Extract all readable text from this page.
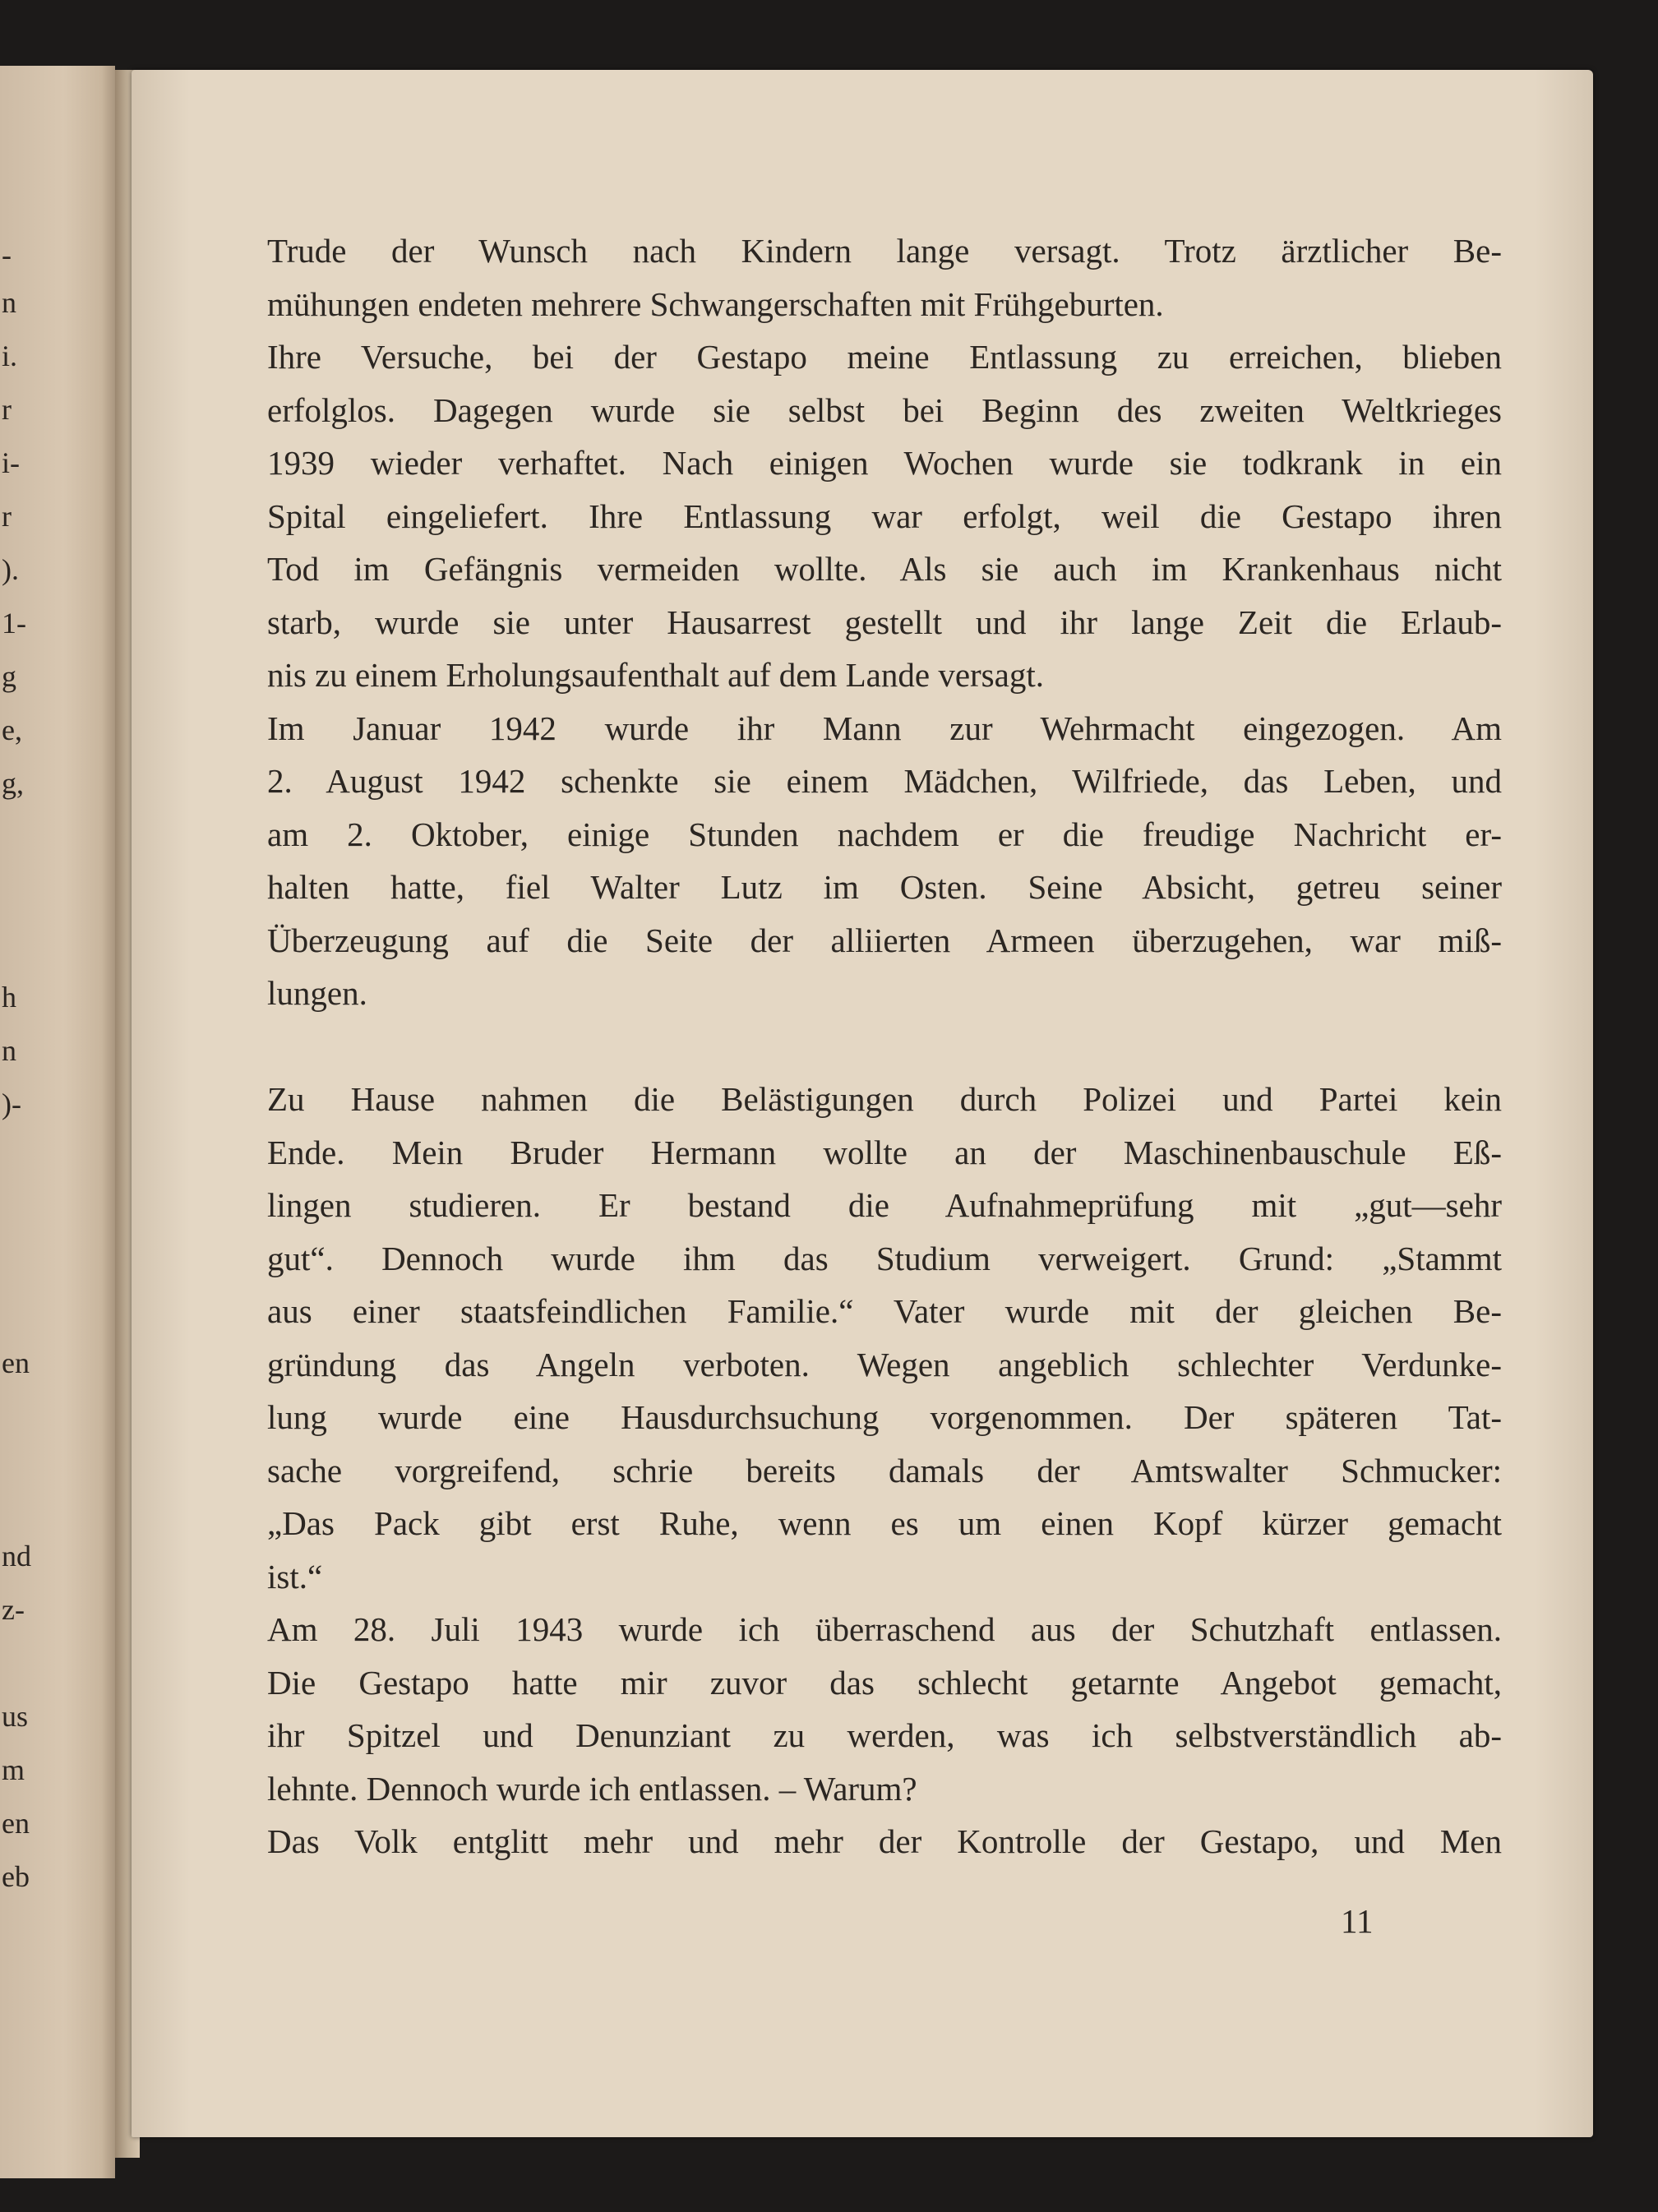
-
n
i.
r
i-
r
).
1-
g
e,
g,
h
n
)-
en
nd
z-
us
m
en
eb
Trude der Wunsch nach Kindern lange versagt. Trotz ärztlicher Be-
mühungen endeten mehrere Schwangerschaften mit Frühgeburten.
Ihre Versuche, bei der Gestapo meine Entlassung zu erreichen, blieben
erfolglos. Dagegen wurde sie selbst bei Beginn des zweiten Weltkrieges
1939 wieder verhaftet. Nach einigen Wochen wurde sie todkrank in ein
Spital eingeliefert. Ihre Entlassung war erfolgt, weil die Gestapo ihren
Tod im Gefängnis vermeiden wollte. Als sie auch im Krankenhaus nicht
starb, wurde sie unter Hausarrest gestellt und ihr lange Zeit die Erlaub-
nis zu einem Erholungsaufenthalt auf dem Lande versagt.
Im Januar 1942 wurde ihr Mann zur Wehrmacht eingezogen. Am
2. August 1942 schenkte sie einem Mädchen, Wilfriede, das Leben, und
am 2. Oktober, einige Stunden nachdem er die freudige Nachricht er-
halten hatte, fiel Walter Lutz im Osten. Seine Absicht, getreu seiner
Überzeugung auf die Seite der alliierten Armeen überzugehen, war miß-
lungen.
Zu Hause nahmen die Belästigungen durch Polizei und Partei kein
Ende. Mein Bruder Hermann wollte an der Maschinenbauschule Eß-
lingen studieren. Er bestand die Aufnahmeprüfung mit „gut—sehr
gut“. Dennoch wurde ihm das Studium verweigert. Grund: „Stammt
aus einer staatsfeindlichen Familie.“ Vater wurde mit der gleichen Be-
gründung das Angeln verboten. Wegen angeblich schlechter Verdunke-
lung wurde eine Hausdurchsuchung vorgenommen. Der späteren Tat-
sache vorgreifend, schrie bereits damals der Amtswalter Schmucker:
„Das Pack gibt erst Ruhe, wenn es um einen Kopf kürzer gemacht
ist.“
Am 28. Juli 1943 wurde ich überraschend aus der Schutzhaft entlassen.
Die Gestapo hatte mir zuvor das schlecht getarnte Angebot gemacht,
ihr Spitzel und Denunziant zu werden, was ich selbstverständlich ab-
lehnte. Dennoch wurde ich entlassen. – Warum?
Das Volk entglitt mehr und mehr der Kontrolle der Gestapo, und Men
11
